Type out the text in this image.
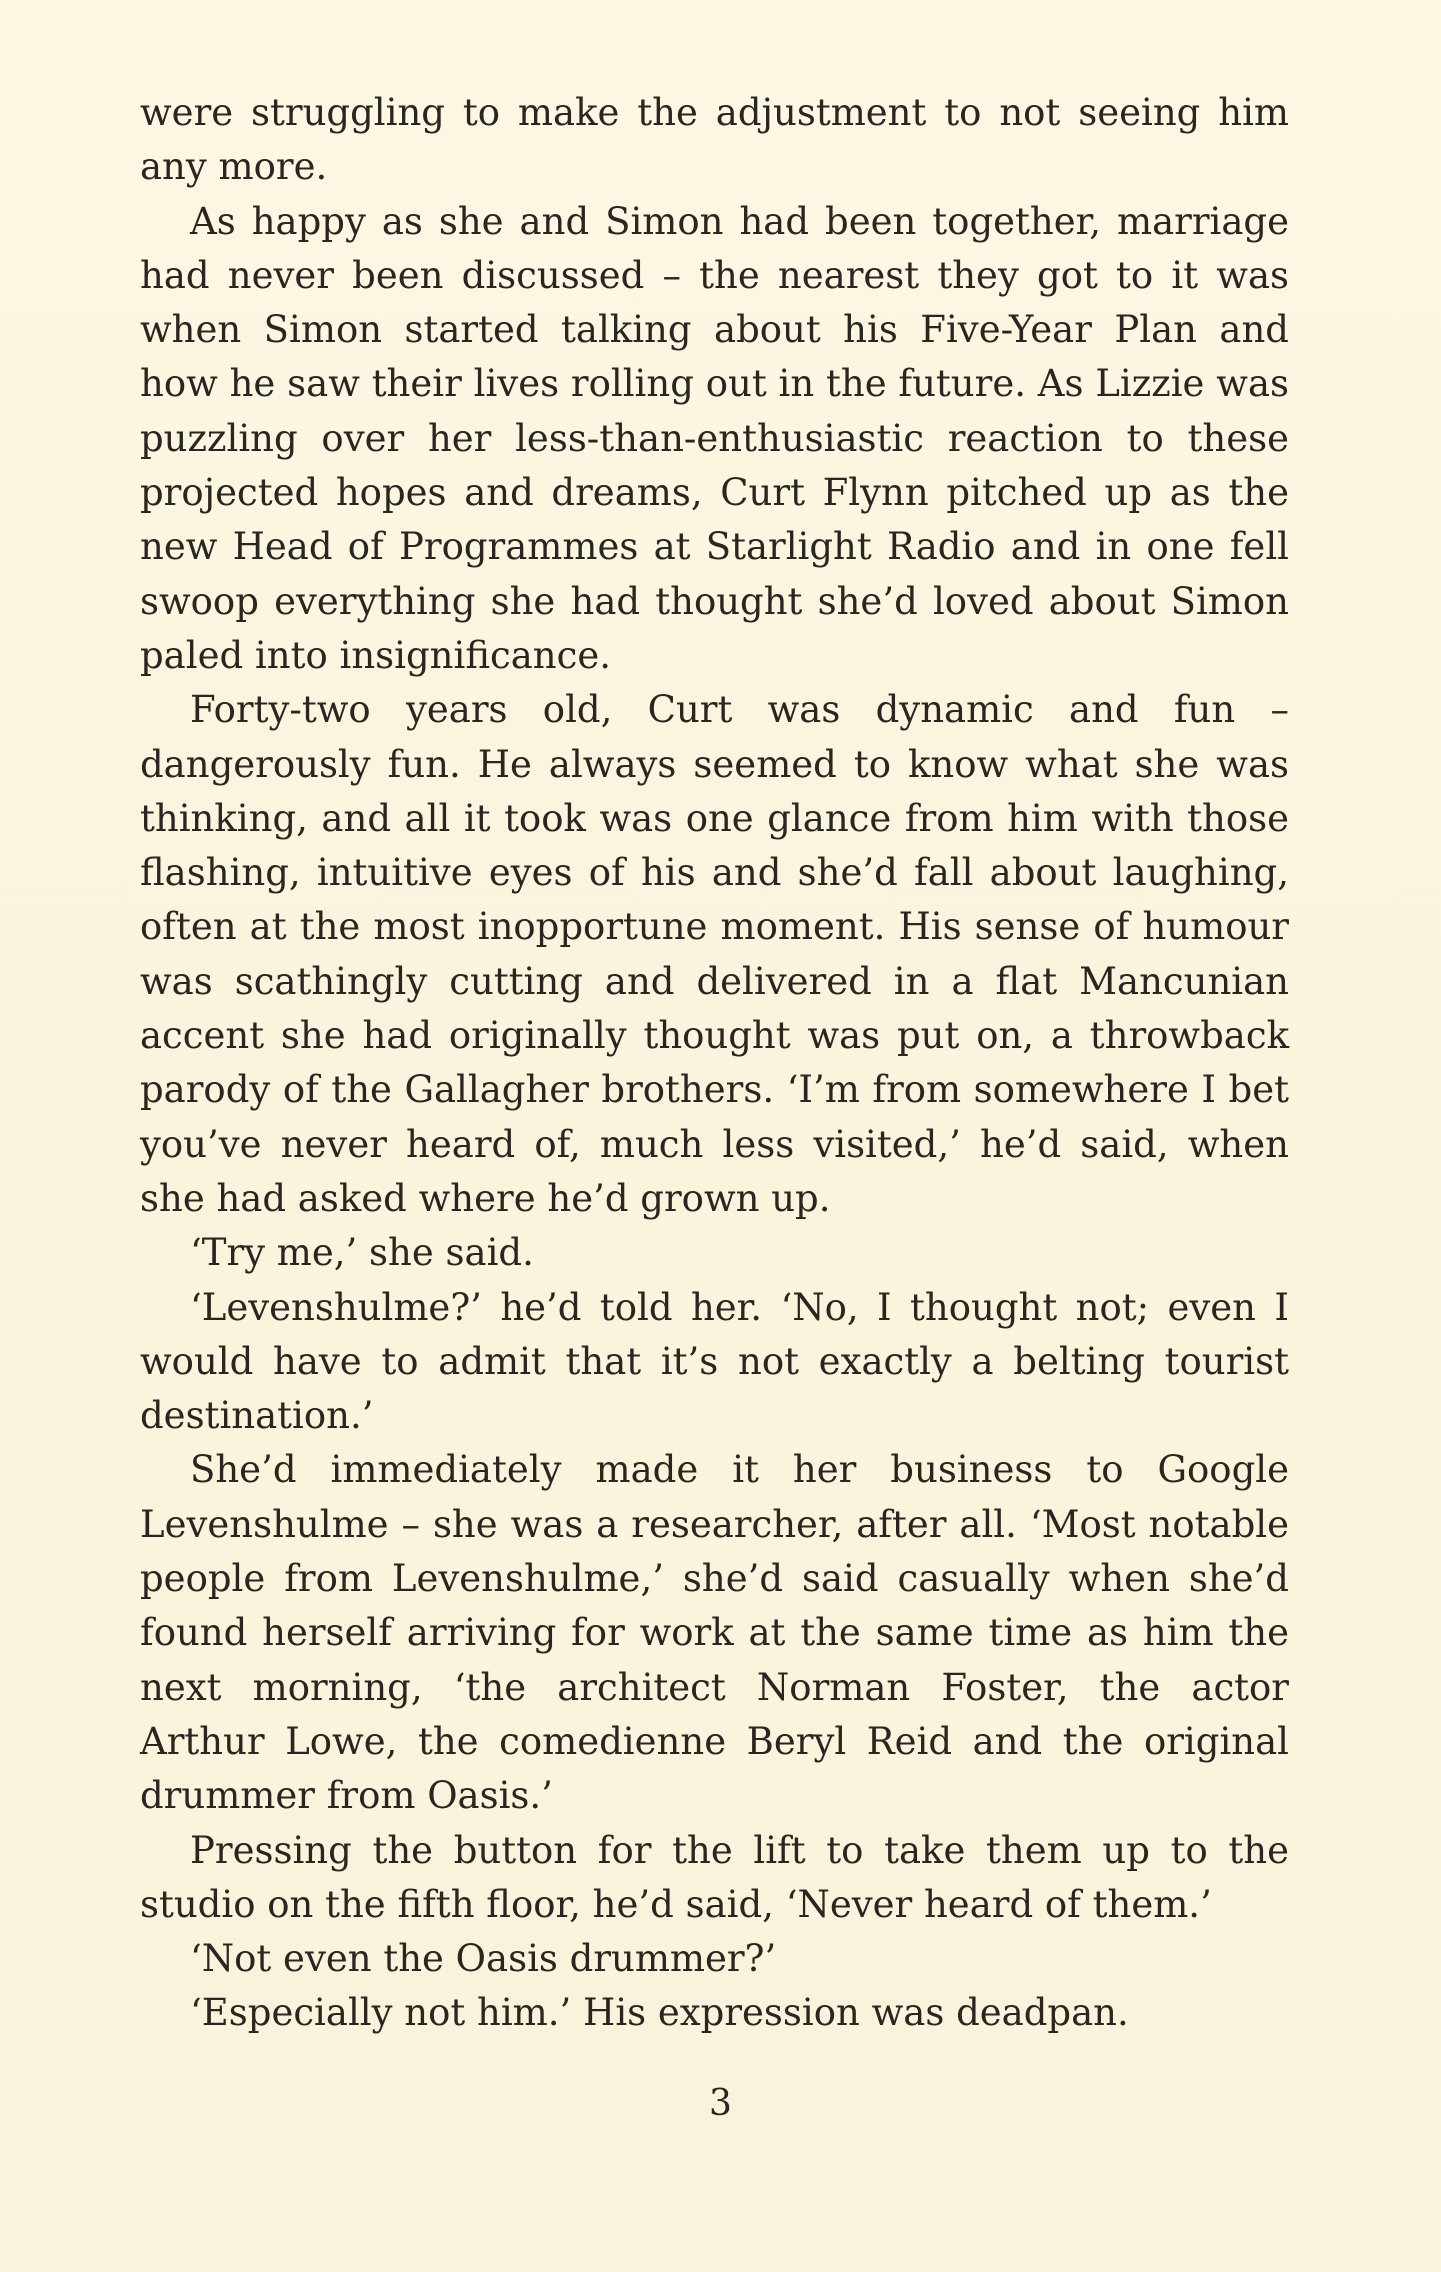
were struggling to make the adjustment to not seeing him any more.

As happy as she and Simon had been together, marriage had never been discussed – the nearest they got to it was when Simon started talking about his Five-Year Plan and how he saw their lives rolling out in the future. As Lizzie was puzzling over her less-than-enthusiastic reaction to these projected hopes and dreams, Curt Flynn pitched up as the new Head of Programmes at Starlight Radio and in one fell swoop everything she had thought she’d loved about Simon paled into insignificance.

Forty-two years old, Curt was dynamic and fun – dangerously fun. He always seemed to know what she was thinking, and all it took was one glance from him with those flashing, intuitive eyes of his and she’d fall about laughing, often at the most inopportune moment. His sense of humour was scathingly cutting and delivered in a flat Mancunian accent she had originally thought was put on, a throwback parody of the Gallagher brothers. ‘I’m from somewhere I bet you’ve never heard of, much less visited,’ he’d said, when she had asked where he’d grown up.

‘Try me,’ she said.

‘Levenshulme?’ he’d told her. ‘No, I thought not; even I would have to admit that it’s not exactly a belting tourist destination.’

She’d immediately made it her business to Google Levenshulme – she was a researcher, after all. ‘Most notable people from Levenshulme,’ she’d said casually when she’d found herself arriving for work at the same time as him the next morning, ‘the architect Norman Foster, the actor Arthur Lowe, the comedienne Beryl Reid and the original drummer from Oasis.’

Pressing the button for the lift to take them up to the studio on the fifth floor, he’d said, ‘Never heard of them.’

‘Not even the Oasis drummer?’

‘Especially not him.’ His expression was deadpan.

3
